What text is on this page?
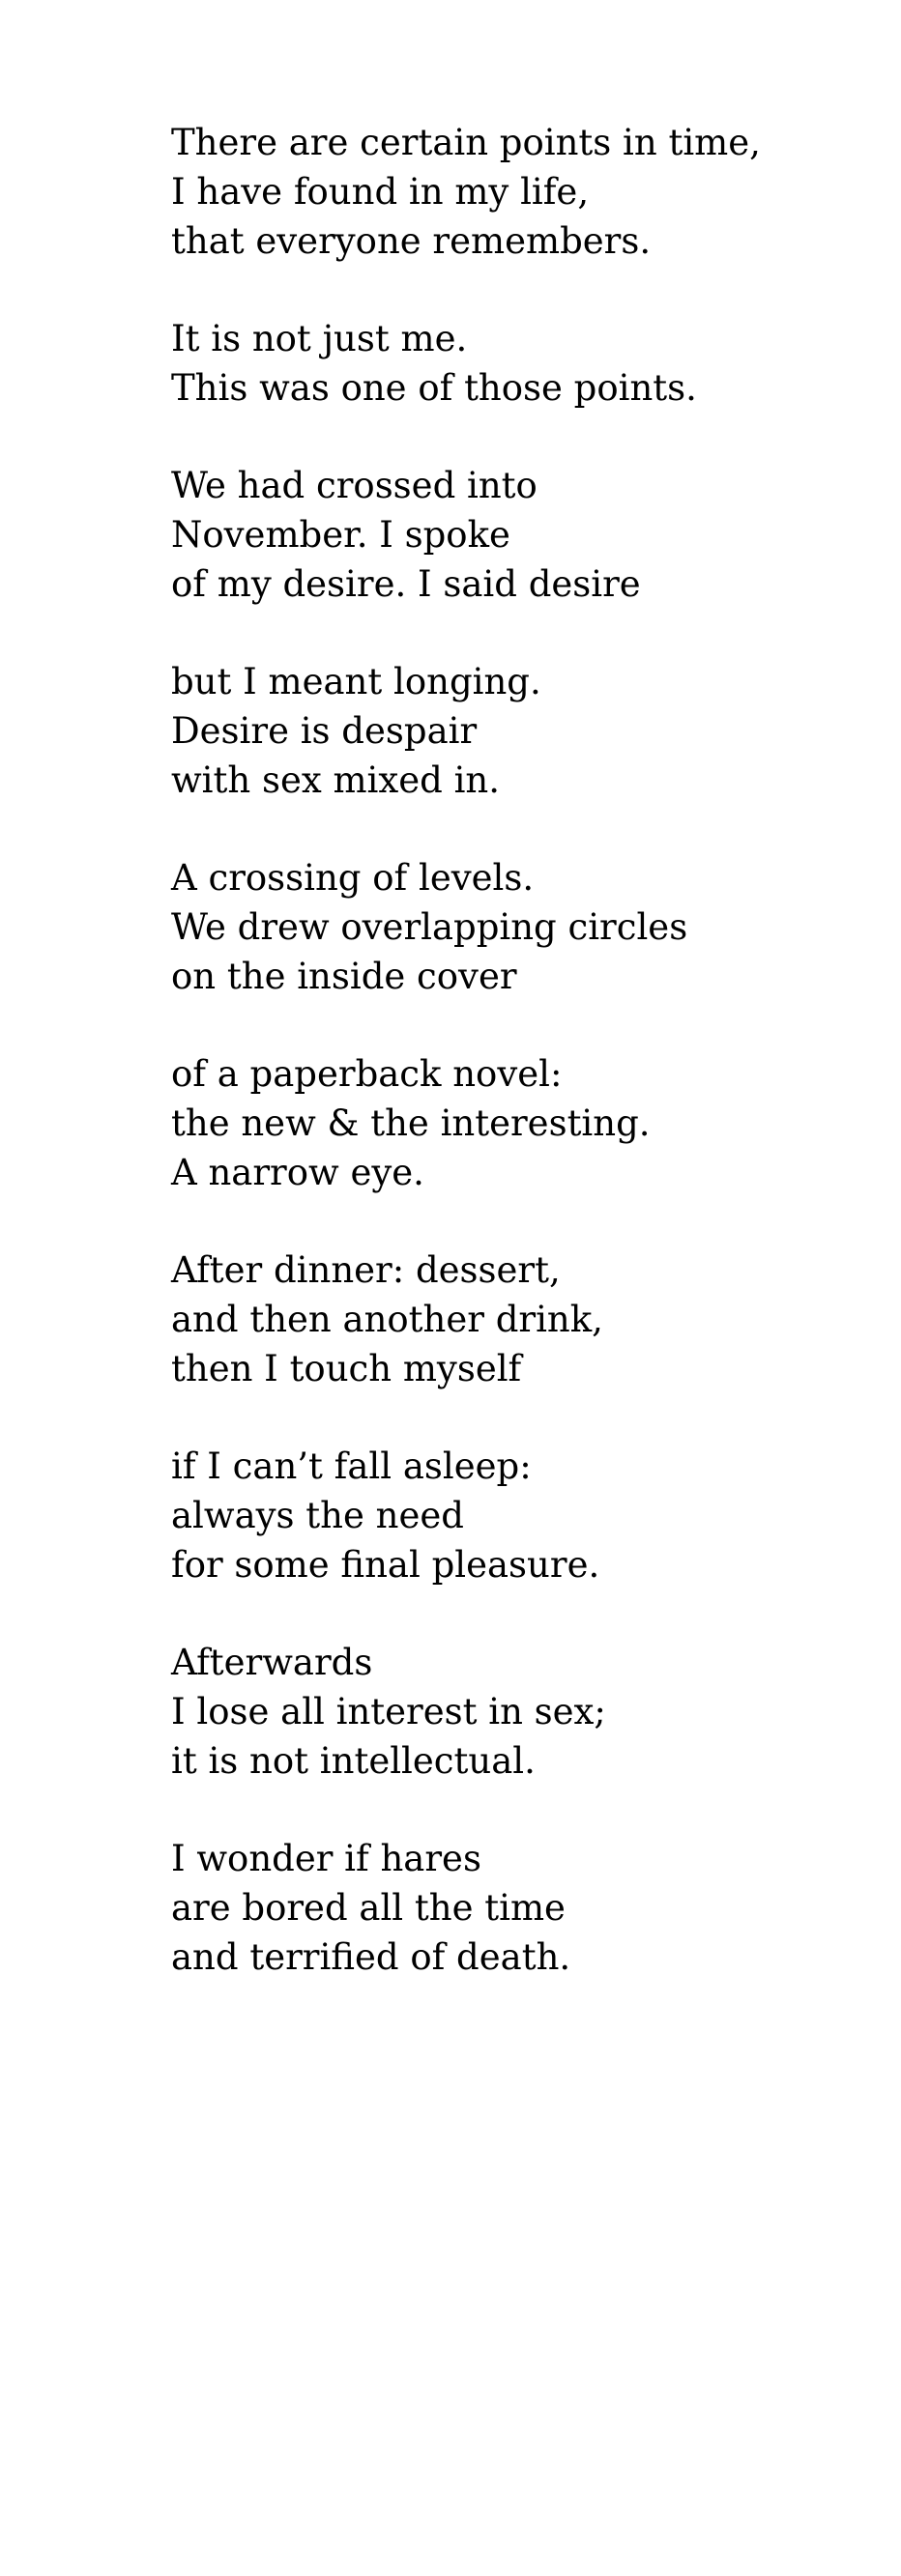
There are certain points in time,
I have found in my life,
that everyone remembers.
It is not just me.
This was one of those points.
We had crossed into
November. I spoke
of my desire. I said desire
but I meant longing.
Desire is despair
with sex mixed in.
A crossing of levels.
We drew overlapping circles
on the inside cover
of a paperback novel:
the new & the interesting.
A narrow eye.
After dinner: dessert,
and then another drink,
then I touch myself
if I can’t fall asleep:
always the need
for some final pleasure.
Afterwards
I lose all interest in sex;
it is not intellectual.
I wonder if hares
are bored all the time
and terrified of death.
